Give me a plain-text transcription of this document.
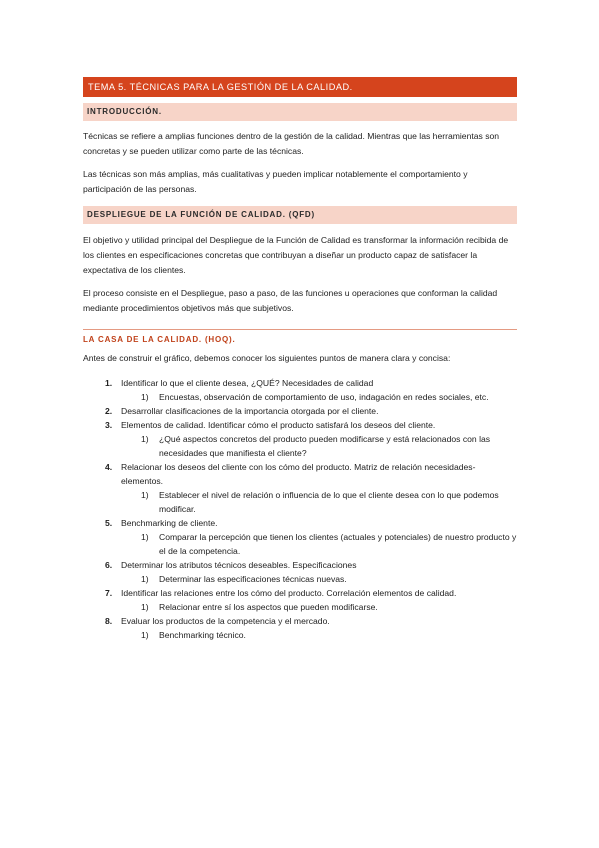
TEMA 5. TÉCNICAS PARA LA GESTIÓN DE LA CALIDAD.
INTRODUCCIÓN.

Técnicas se refiere a amplias funciones dentro de la gestión de la calidad. Mientras que las herramientas son concretas y se pueden utilizar como parte de las técnicas.

Las técnicas son más amplias, más cualitativas y pueden implicar notablemente el comportamiento y participación de las personas.

DESPLIEGUE DE LA FUNCIÓN DE CALIDAD. (QFD)

El objetivo y utilidad principal del Despliegue de la Función de Calidad es transformar la información recibida de los clientes en especificaciones concretas que contribuyan a diseñar un producto capaz de satisfacer la expectativa de los clientes.

El proceso consiste en el Despliegue, paso a paso, de las funciones u operaciones que conforman la calidad mediante procedimientos objetivos más que subjetivos.

LA CASA DE LA CALIDAD. (HOQ).

Antes de construir el gráfico, debemos conocer los siguientes puntos de manera clara y concisa:

1. Identificar lo que el cliente desea, ¿QUÉ? Necesidades de calidad
1) Encuestas, observación de comportamiento de uso, indagación en redes sociales, etc.
2. Desarrollar clasificaciones de la importancia otorgada por el cliente.
3. Elementos de calidad. Identificar cómo el producto satisfará los deseos del cliente.
1) ¿Qué aspectos concretos del producto pueden modificarse y está relacionados con las necesidades que manifiesta el cliente?
4. Relacionar los deseos del cliente con los cómo del producto. Matriz de relación necesidades-elementos.
1) Establecer el nivel de relación o influencia de lo que el cliente desea con lo que podemos modificar.
5. Benchmarking de cliente.
1) Comparar la percepción que tienen los clientes (actuales y potenciales) de nuestro producto y el de la competencia.
6. Determinar los atributos técnicos deseables. Especificaciones
1) Determinar las especificaciones técnicas nuevas.
7. Identificar las relaciones entre los cómo del producto. Correlación elementos de calidad.
1) Relacionar entre sí los aspectos que pueden modificarse.
8. Evaluar los productos de la competencia y el mercado.
1) Benchmarking técnico.
